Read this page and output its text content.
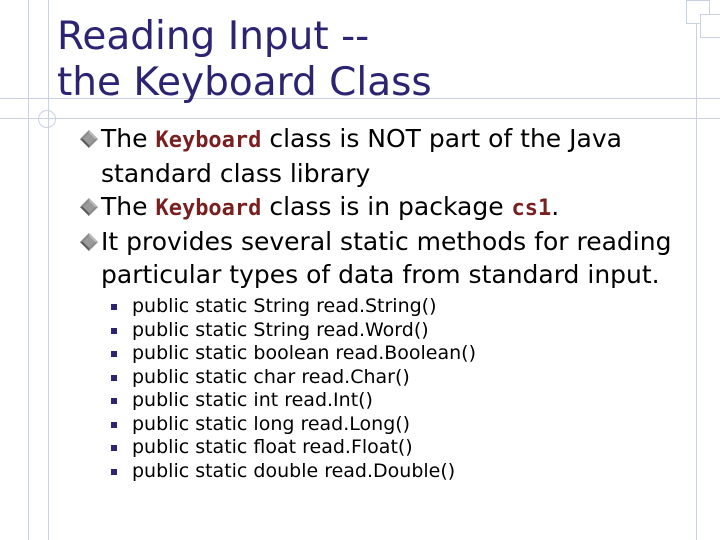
Reading Input --
the Keyboard Class
The Keyboard class is NOT part of the Java standard class library
The Keyboard class is in package cs1.
It provides several static methods for reading particular types of data from standard input.
public static String read.String()
public static String read.Word()
public static boolean read.Boolean()
public static char read.Char()
public static int read.Int()
public static long read.Long()
public static float read.Float()
public static double read.Double()
